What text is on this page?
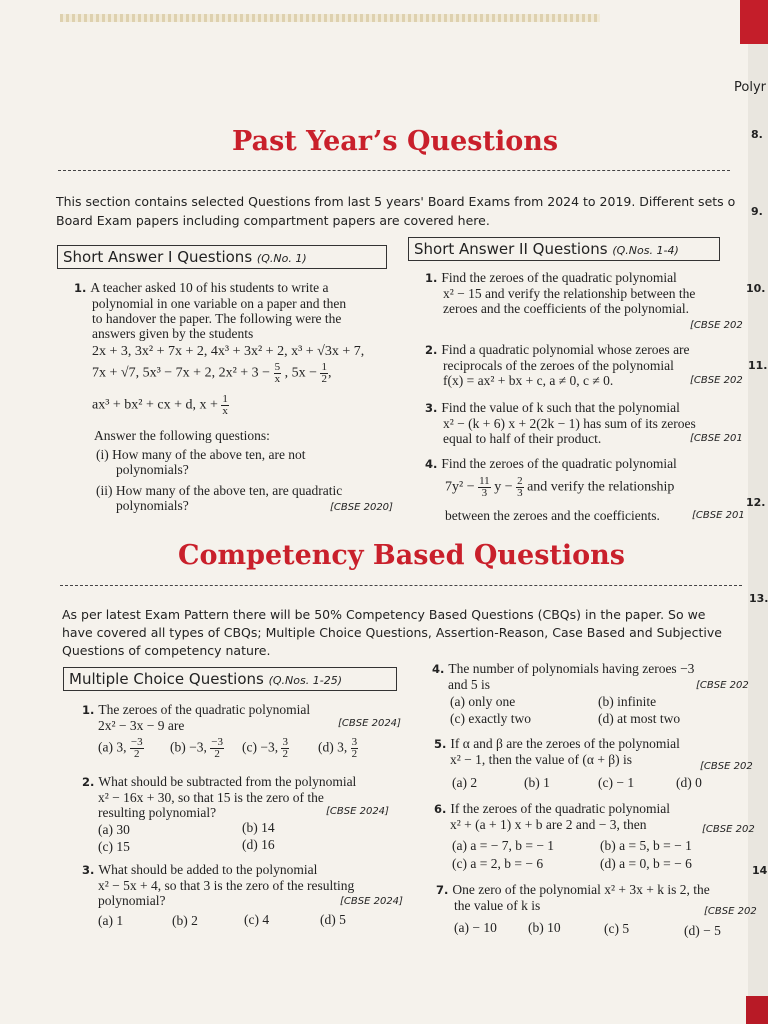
Polyr
8.
9.
10.
11.
12.
13.
14
Past Year’s Questions
This section contains selected Questions from last 5 years' Board Exams from 2024 to 2019. Different sets o
Board Exam papers including compartment papers are covered here.
Short Answer I Questions (Q.No. 1)
Short Answer II Questions (Q.Nos. 1-4)
1. A teacher asked 10 of his students to write a
polynomial in one variable on a paper and then
to handover the paper. The following were the
answers given by the students
2x + 3, 3x² + 7x + 2, 4x³ + 3x² + 2, x³ + √3x + 7,
7x + √7, 5x³ − 7x + 2, $2x^2 + 3 - \frac{5}{x}$ , $5x - \frac{1}{2}$ ,
ax³ + bx² + cx + d, $x + \frac{1}{x}$
Answer the following questions:
(i) How many of the above ten, are not
polynomials?
(ii) How many of the above ten, are quadratic
polynomials?	[CBSE 2020]
1. Find the zeroes of the quadratic polynomial
x² − 15 and verify the relationship between the
zeroes and the coefficients of the polynomial.
[CBSE 202
2. Find a quadratic polynomial whose zeroes are
reciprocals of the zeroes of the polynomial
f(x) = ax² + bx + c, a ≠ 0, c ≠ 0.	[CBSE 202
3. Find the value of k such that the polynomial
x² − (k + 6) x + 2(2k − 1) has sum of its zeroes
equal to half of their product.	[CBSE 201
4. Find the zeroes of the quadratic polynomial
$7y^2 - \frac{11}{3}$ $y - \frac{2}{3}$ and verify the relationship
between the zeroes and the coefficients.	[CBSE 201
Competency Based Questions
As per latest Exam Pattern there will be 50% Competency Based Questions (CBQs) in the paper. So we
have covered all types of CBQs; Multiple Choice Questions, Assertion-Reason, Case Based and Subjective
Questions of competency nature.
Multiple Choice Questions (Q.Nos. 1-25)
1. The zeroes of the quadratic polynomial
2x² − 3x − 9 are	[CBSE 2024]
(a) 3, $\frac{-3}{2} (b) -3$, $\frac{-3}{2} (c) -3$, $\frac{3}{2} (d)$ 3, $\frac{3}{2}$
2. What should be subtracted from the polynomial
x² − 16x + 30, so that 15 is the zero of the
resulting polynomial?	[CBSE 2024]
(a) 30	(b) 14
(c) 15	(d) 16
3. What should be added to the polynomial
x² − 5x + 4, so that 3 is the zero of the resulting
polynomial?	[CBSE 2024]
(a) 1	(b) 2	(c) 4	(d) 5
4. The number of polynomials having zeroes −3
and 5 is	[CBSE 202
(a) only one	(b) infinite
(c) exactly two	(d) at most two
5. If α and β are the zeroes of the polynomial
x² − 1, then the value of (α + β) is	[CBSE 202
(a) 2	(b) 1	(c) − 1	(d) 0
6. If the zeroes of the quadratic polynomial
x² + (a + 1) x + b are 2 and − 3, then	[CBSE 202
(a) a = − 7, b = − 1	(b) a = 5, b = − 1
(c) a = 2, b = − 6	(d) a = 0, b = − 6
7. One zero of the polynomial x² + 3x + k is 2, the
the value of k is	[CBSE 202
(a) − 10 (b) 10	(c) 5	(d) − 5
